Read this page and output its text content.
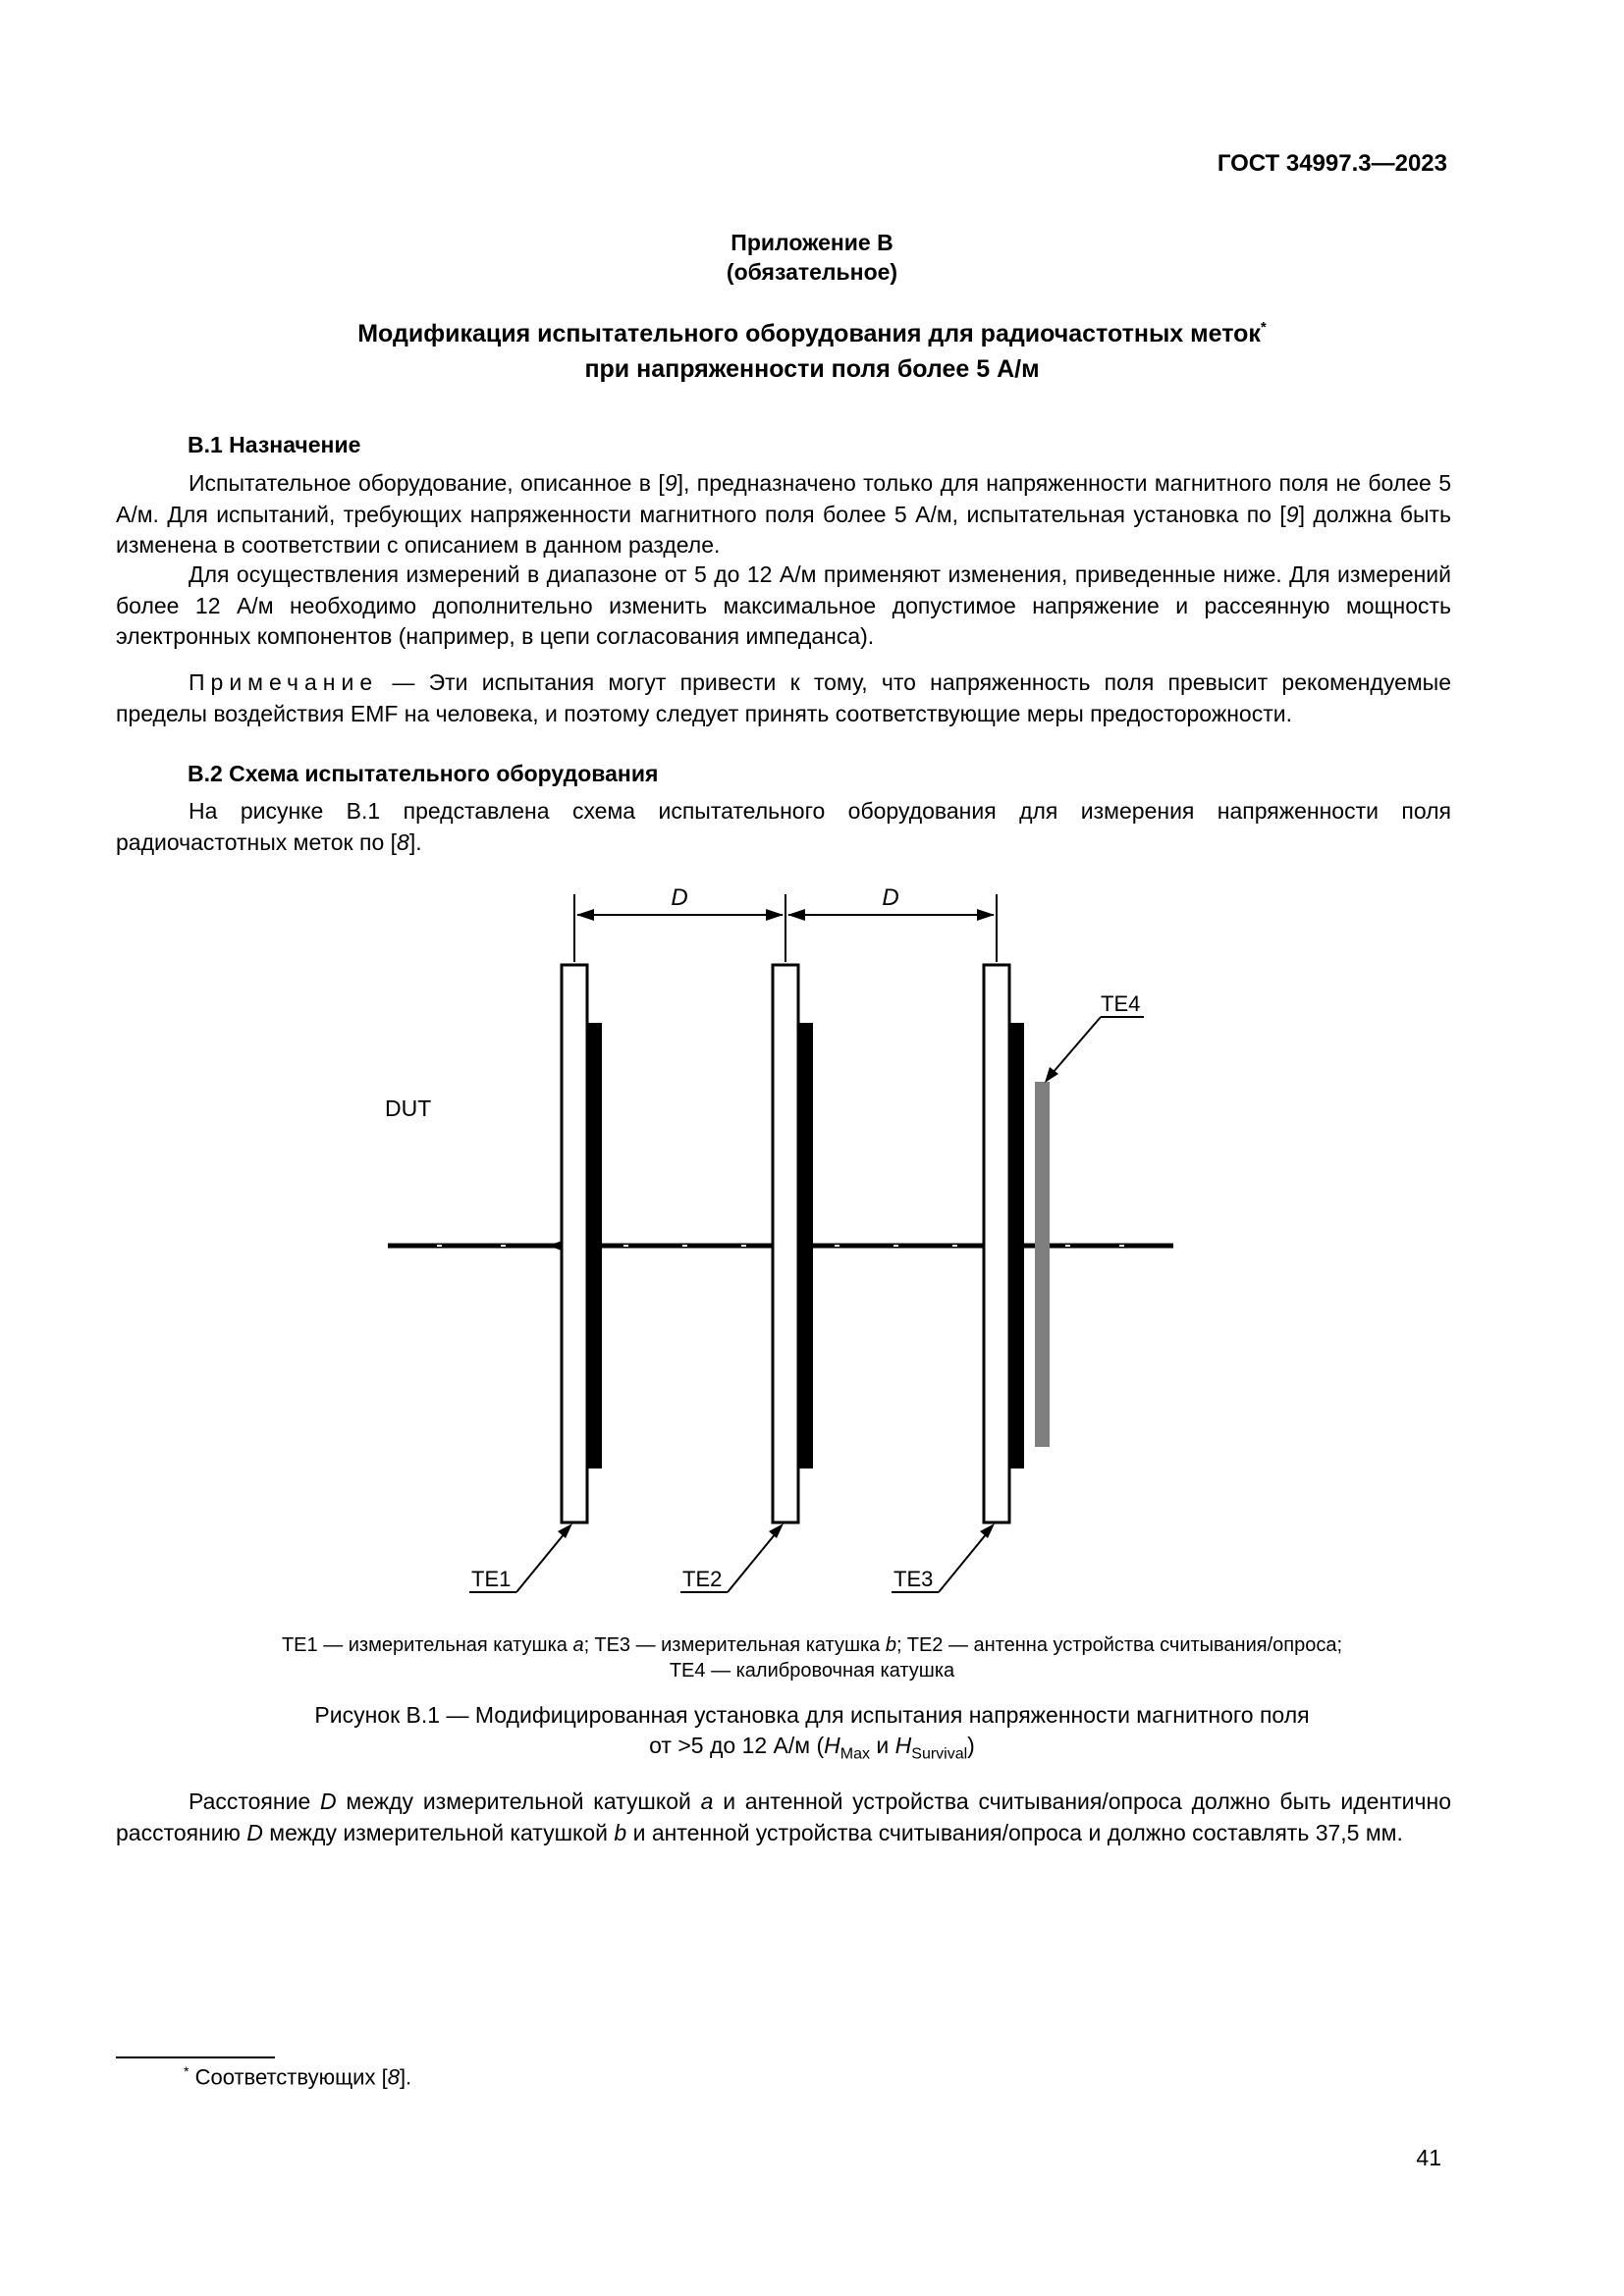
ГОСТ 34997.3—2023
Приложение В
(обязательное)
Модификация испытательного оборудования для радиочастотных меток*
при напряженности поля более 5 А/м
В.1 Назначение
Испытательное оборудование, описанное в [9], предназначено только для напряженности магнитного поля не более 5 А/м. Для испытаний, требующих напряженности магнитного поля более 5 А/м, испытательная установка по [9] должна быть изменена в соответствии с описанием в данном разделе.
Для осуществления измерений в диапазоне от 5 до 12 А/м применяют изменения, приведенные ниже. Для измерений более 12 А/м необходимо дополнительно изменить максимальное допустимое напряжение и рассеянную мощность электронных компонентов (например, в цепи согласования импеданса).
Примечание — Эти испытания могут привести к тому, что напряженность поля превысит рекомендуемые пределы воздействия EMF на человека, и поэтому следует принять соответствующие меры предосторожности.
В.2 Схема испытательного оборудования
На рисунке В.1 представлена схема испытательного оборудования для измерения напряженности поля радиочастотных меток по [8].
D	D
DUT
TE4
TE1	TE2	TE3
TE1 — измерительная катушка a; TE3 — измерительная катушка b; TE2 — антенна устройства считывания/опроса;
TE4 — калибровочная катушка
Рисунок В.1 — Модифицированная установка для испытания напряженности магнитного поля
от >5 до 12 А/м ($H_{Max}$ и $H_{Survival}$)
Расстояние D между измерительной катушкой a и антенной устройства считывания/опроса должно быть идентично расстоянию D между измерительной катушкой b и антенной устройства считывания/опроса и должно составлять 37,5 мм.
* Соответствующих [8].
41
